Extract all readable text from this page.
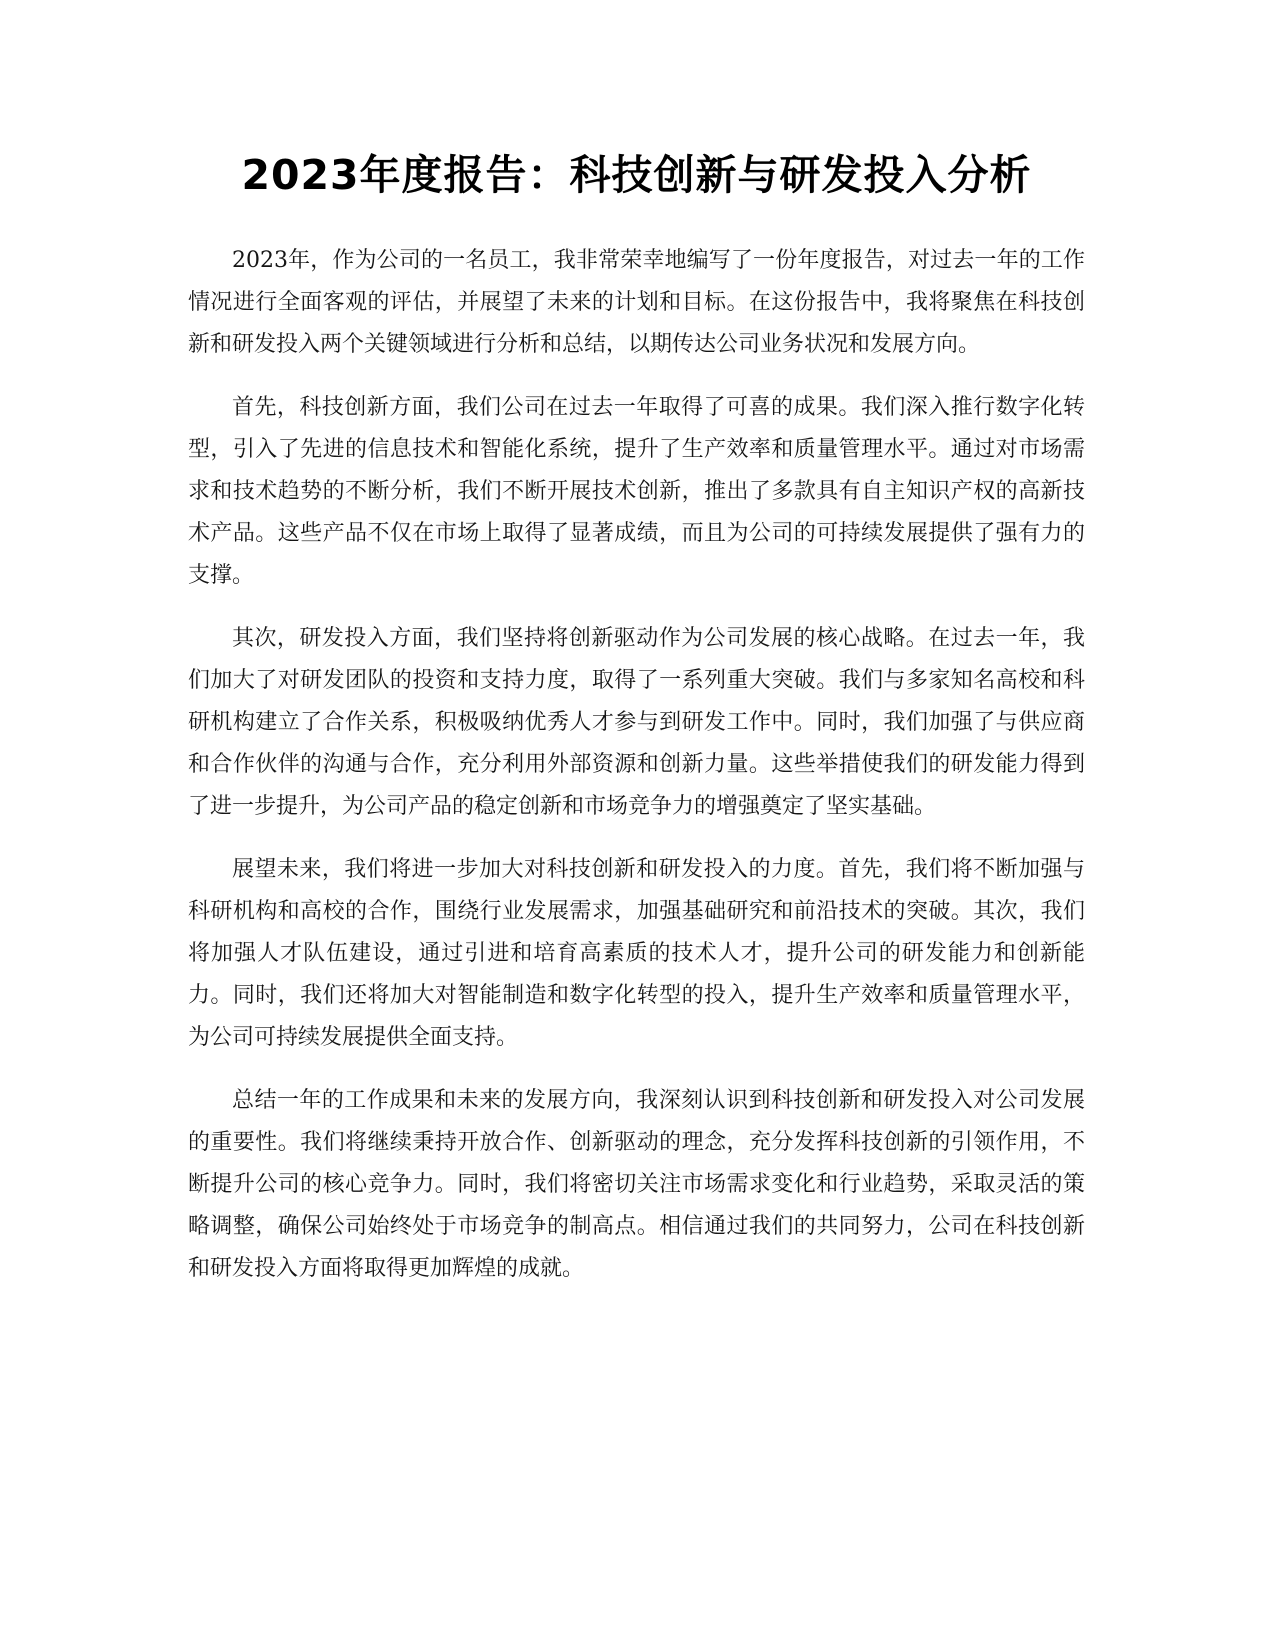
2023年度报告：科技创新与研发投入分析

2023年，作为公司的一名员工，我非常荣幸地编写了一份年度报告，对过去一年的工作情况进行全面客观的评估，并展望了未来的计划和目标。在这份报告中，我将聚焦在科技创新和研发投入两个关键领域进行分析和总结，以期传达公司业务状况和发展方向。

首先，科技创新方面，我们公司在过去一年取得了可喜的成果。我们深入推行数字化转型，引入了先进的信息技术和智能化系统，提升了生产效率和质量管理水平。通过对市场需求和技术趋势的不断分析，我们不断开展技术创新，推出了多款具有自主知识产权的高新技术产品。这些产品不仅在市场上取得了显著成绩，而且为公司的可持续发展提供了强有力的支撑。

其次，研发投入方面，我们坚持将创新驱动作为公司发展的核心战略。在过去一年，我们加大了对研发团队的投资和支持力度，取得了一系列重大突破。我们与多家知名高校和科研机构建立了合作关系，积极吸纳优秀人才参与到研发工作中。同时，我们加强了与供应商和合作伙伴的沟通与合作，充分利用外部资源和创新力量。这些举措使我们的研发能力得到了进一步提升，为公司产品的稳定创新和市场竞争力的增强奠定了坚实基础。

展望未来，我们将进一步加大对科技创新和研发投入的力度。首先，我们将不断加强与科研机构和高校的合作，围绕行业发展需求，加强基础研究和前沿技术的突破。其次，我们将加强人才队伍建设，通过引进和培育高素质的技术人才，提升公司的研发能力和创新能力。同时，我们还将加大对智能制造和数字化转型的投入，提升生产效率和质量管理水平，为公司可持续发展提供全面支持。

总结一年的工作成果和未来的发展方向，我深刻认识到科技创新和研发投入对公司发展的重要性。我们将继续秉持开放合作、创新驱动的理念，充分发挥科技创新的引领作用，不断提升公司的核心竞争力。同时，我们将密切关注市场需求变化和行业趋势，采取灵活的策略调整，确保公司始终处于市场竞争的制高点。相信通过我们的共同努力，公司在科技创新和研发投入方面将取得更加辉煌的成就。
